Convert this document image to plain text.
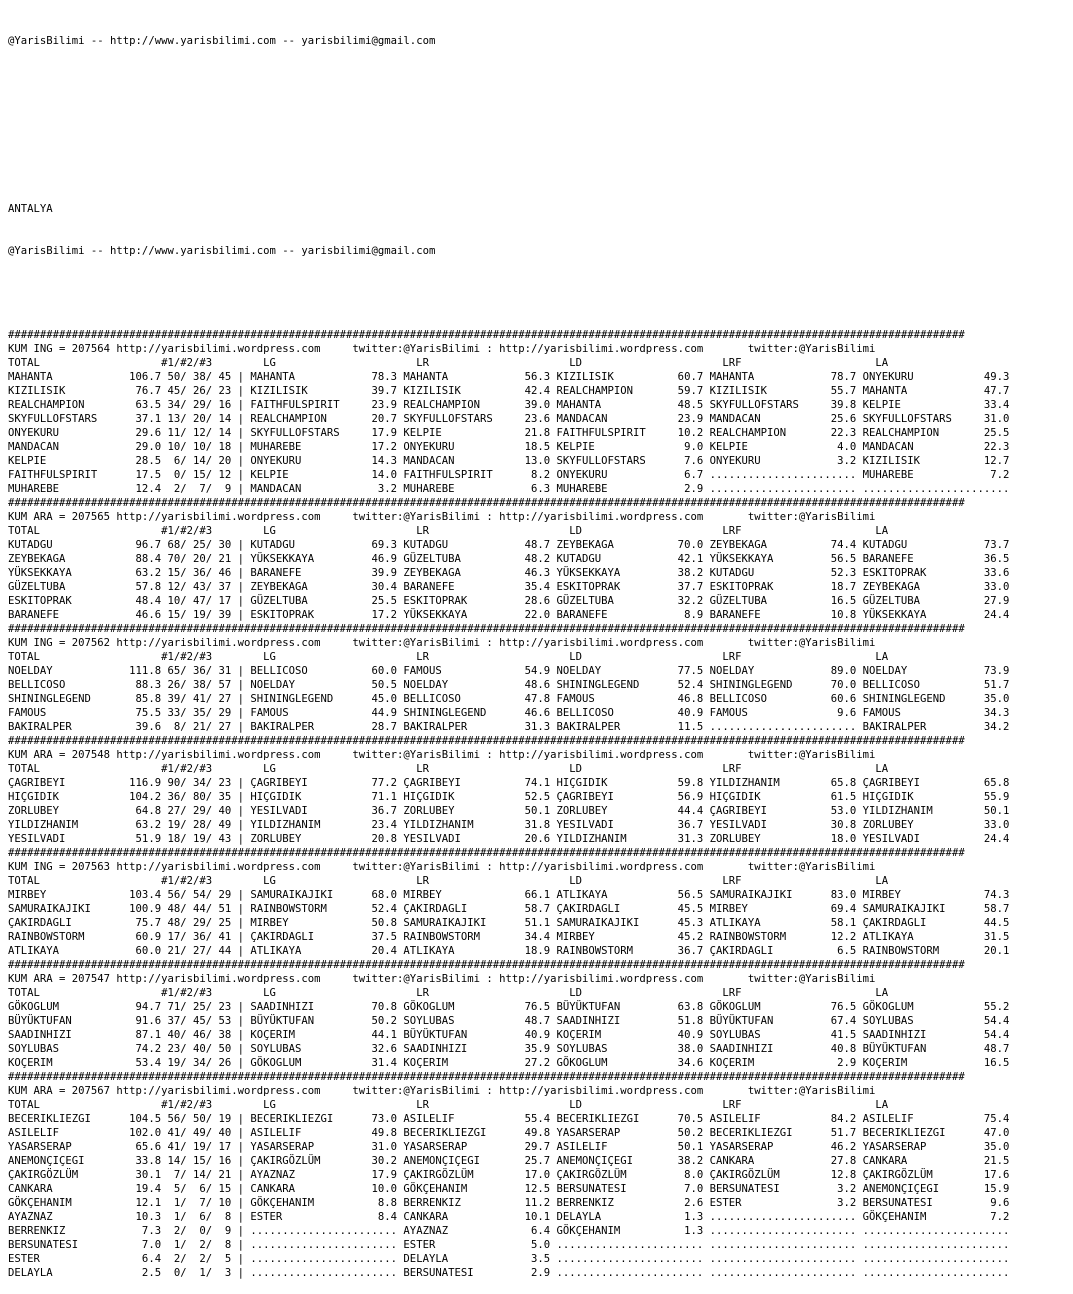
@YarisBilimi -- http://www.yarisbilimi.com -- yarisbilimi@gmail.com

ANTALYA

@YarisBilimi -- http://www.yarisbilimi.com -- yarisbilimi@gmail.com

######################################################################################################################################################
KUM ING = 207564 http://yarisbilimi.wordpress.com     twitter:@YarisBilimi : http://yarisbilimi.wordpress.com       twitter:@YarisBilimi
TOTAL                   #1/#2/#3        LG                      LR                      LD                      LRF                     LA
MAHANTA            106.7 50/ 38/ 45 | MAHANTA            78.3 MAHANTA            56.3 KIZILISIK          60.7 MAHANTA            78.7 ONYEKURU           49.3
KIZILISIK           76.7 45/ 26/ 23 | KIZILISIK          39.7 KIZILISIK          42.4 REALCHAMPION       59.7 KIZILISIK          55.7 MAHANTA            47.7
REALCHAMPION        63.5 34/ 29/ 16 | FAITHFULSPIRIT     23.9 REALCHAMPION       39.0 MAHANTA            48.5 SKYFULLOFSTARS     39.8 KELPIE             33.4
SKYFULLOFSTARS      37.1 13/ 20/ 14 | REALCHAMPION       20.7 SKYFULLOFSTARS     23.6 MANDACAN           23.9 MANDACAN           25.6 SKYFULLOFSTARS     31.0
ONYEKURU            29.6 11/ 12/ 14 | SKYFULLOFSTARS     17.9 KELPIE             21.8 FAITHFULSPIRIT     10.2 REALCHAMPION       22.3 REALCHAMPION       25.5
MANDACAN            29.0 10/ 10/ 18 | MUHAREBE           17.2 ONYEKURU           18.5 KELPIE              9.0 KELPIE              4.0 MANDACAN           22.3
KELPIE              28.5  6/ 14/ 20 | ONYEKURU           14.3 MANDACAN           13.0 SKYFULLOFSTARS      7.6 ONYEKURU            3.2 KIZILISIK          12.7
FAITHFULSPIRIT      17.5  0/ 15/ 12 | KELPIE             14.0 FAITHFULSPIRIT      8.2 ONYEKURU            6.7 ....................... MUHAREBE            7.2
MUHAREBE            12.4  2/  7/  9 | MANDACAN            3.2 MUHAREBE            6.3 MUHAREBE            2.9 ....................... .......................
######################################################################################################################################################
KUM ARA = 207565 http://yarisbilimi.wordpress.com     twitter:@YarisBilimi : http://yarisbilimi.wordpress.com       twitter:@YarisBilimi
TOTAL                   #1/#2/#3        LG                      LR                      LD                      LRF                     LA
KUTADGU             96.7 68/ 25/ 30 | KUTADGU            69.3 KUTADGU            48.7 ZEYBEKAGA          70.0 ZEYBEKAGA          74.4 KUTADGU            73.7
ZEYBEKAGA           88.4 70/ 20/ 21 | YÜKSEKKAYA         46.9 GÜZELTUBA          48.2 KUTADGU            42.1 YÜKSEKKAYA         56.5 BARANEFE           36.5
YÜKSEKKAYA          63.2 15/ 36/ 46 | BARANEFE           39.9 ZEYBEKAGA          46.3 YÜKSEKKAYA         38.2 KUTADGU            52.3 ESKITOPRAK         33.6
GÜZELTUBA           57.8 12/ 43/ 37 | ZEYBEKAGA          30.4 BARANEFE           35.4 ESKITOPRAK         37.7 ESKITOPRAK         18.7 ZEYBEKAGA          33.0
ESKITOPRAK          48.4 10/ 47/ 17 | GÜZELTUBA          25.5 ESKITOPRAK         28.6 GÜZELTUBA          32.2 GÜZELTUBA          16.5 GÜZELTUBA          27.9
BARANEFE            46.6 15/ 19/ 39 | ESKITOPRAK         17.2 YÜKSEKKAYA         22.0 BARANEFE            8.9 BARANEFE           10.8 YÜKSEKKAYA         24.4
######################################################################################################################################################
KUM ING = 207562 http://yarisbilimi.wordpress.com     twitter:@YarisBilimi : http://yarisbilimi.wordpress.com       twitter:@YarisBilimi
TOTAL                   #1/#2/#3        LG                      LR                      LD                      LRF                     LA
NOELDAY            111.8 65/ 36/ 31 | BELLICOSO          60.0 FAMOUS             54.9 NOELDAY            77.5 NOELDAY            89.0 NOELDAY            73.9
BELLICOSO           88.3 26/ 38/ 57 | NOELDAY            50.5 NOELDAY            48.6 SHININGLEGEND      52.4 SHININGLEGEND      70.0 BELLICOSO          51.7
SHININGLEGEND       85.8 39/ 41/ 27 | SHININGLEGEND      45.0 BELLICOSO          47.8 FAMOUS             46.8 BELLICOSO          60.6 SHININGLEGEND      35.0
FAMOUS              75.5 33/ 35/ 29 | FAMOUS             44.9 SHININGLEGEND      46.6 BELLICOSO          40.9 FAMOUS              9.6 FAMOUS             34.3
BAKIRALPER          39.6  8/ 21/ 27 | BAKIRALPER         28.7 BAKIRALPER         31.3 BAKIRALPER         11.5 ....................... BAKIRALPER         34.2
######################################################################################################################################################
KUM ARA = 207548 http://yarisbilimi.wordpress.com     twitter:@YarisBilimi : http://yarisbilimi.wordpress.com       twitter:@YarisBilimi
TOTAL                   #1/#2/#3        LG                      LR                      LD                      LRF                     LA
ÇAGRIBEYI          116.9 90/ 34/ 23 | ÇAGRIBEYI          77.2 ÇAGRIBEYI          74.1 HIÇGIDIK           59.8 YILDIZHANIM        65.8 ÇAGRIBEYI          65.8
HIÇGIDIK           104.2 36/ 80/ 35 | HIÇGIDIK           71.1 HIÇGIDIK           52.5 ÇAGRIBEYI          56.9 HIÇGIDIK           61.5 HIÇGIDIK           55.9
ZORLUBEY            64.8 27/ 29/ 40 | YESILVADI          36.7 ZORLUBEY           50.1 ZORLUBEY           44.4 ÇAGRIBEYI          53.0 YILDIZHANIM        50.1
YILDIZHANIM         63.2 19/ 28/ 49 | YILDIZHANIM        23.4 YILDIZHANIM        31.8 YESILVADI          36.7 YESILVADI          30.8 ZORLUBEY           33.0
YESILVADI           51.9 18/ 19/ 43 | ZORLUBEY           20.8 YESILVADI          20.6 YILDIZHANIM        31.3 ZORLUBEY           18.0 YESILVADI          24.4
######################################################################################################################################################
KUM ING = 207563 http://yarisbilimi.wordpress.com     twitter:@YarisBilimi : http://yarisbilimi.wordpress.com       twitter:@YarisBilimi
TOTAL                   #1/#2/#3        LG                      LR                      LD                      LRF                     LA
MIRBEY             103.4 56/ 54/ 29 | SAMURAIKAJIKI      68.0 MIRBEY             66.1 ATLIKAYA           56.5 SAMURAIKAJIKI      83.0 MIRBEY             74.3
SAMURAIKAJIKI      100.9 48/ 44/ 51 | RAINBOWSTORM       52.4 ÇAKIRDAGLI         58.7 ÇAKIRDAGLI         45.5 MIRBEY             69.4 SAMURAIKAJIKI      58.7
ÇAKIRDAGLI          75.7 48/ 29/ 25 | MIRBEY             50.8 SAMURAIKAJIKI      51.1 SAMURAIKAJIKI      45.3 ATLIKAYA           58.1 ÇAKIRDAGLI         44.5
RAINBOWSTORM        60.9 17/ 36/ 41 | ÇAKIRDAGLI         37.5 RAINBOWSTORM       34.4 MIRBEY             45.2 RAINBOWSTORM       12.2 ATLIKAYA           31.5
ATLIKAYA            60.0 21/ 27/ 44 | ATLIKAYA           20.4 ATLIKAYA           18.9 RAINBOWSTORM       36.7 ÇAKIRDAGLI          6.5 RAINBOWSTORM       20.1
######################################################################################################################################################
KUM ARA = 207547 http://yarisbilimi.wordpress.com     twitter:@YarisBilimi : http://yarisbilimi.wordpress.com       twitter:@YarisBilimi
TOTAL                   #1/#2/#3        LG                      LR                      LD                      LRF                     LA
GÖKOGLUM            94.7 71/ 25/ 23 | SAADINHIZI         70.8 GÖKOGLUM           76.5 BÜYÜKTUFAN         63.8 GÖKOGLUM           76.5 GÖKOGLUM           55.2
BÜYÜKTUFAN          91.6 37/ 45/ 53 | BÜYÜKTUFAN         50.2 SOYLUBAS           48.7 SAADINHIZI         51.8 BÜYÜKTUFAN         67.4 SOYLUBAS           54.4
SAADINHIZI          87.1 40/ 46/ 38 | KOÇERIM            44.1 BÜYÜKTUFAN         40.9 KOÇERIM            40.9 SOYLUBAS           41.5 SAADINHIZI         54.4
SOYLUBAS            74.2 23/ 40/ 50 | SOYLUBAS           32.6 SAADINHIZI         35.9 SOYLUBAS           38.0 SAADINHIZI         40.8 BÜYÜKTUFAN         48.7
KOÇERIM             53.4 19/ 34/ 26 | GÖKOGLUM           31.4 KOÇERIM            27.2 GÖKOGLUM           34.6 KOÇERIM             2.9 KOÇERIM            16.5
######################################################################################################################################################
KUM ARA = 207567 http://yarisbilimi.wordpress.com     twitter:@YarisBilimi : http://yarisbilimi.wordpress.com       twitter:@YarisBilimi
TOTAL                   #1/#2/#3        LG                      LR                      LD                      LRF                     LA
BECERIKLIEZGI      104.5 56/ 50/ 19 | BECERIKLIEZGI      73.0 ASILELIF           55.4 BECERIKLIEZGI      70.5 ASILELIF           84.2 ASILELIF           75.4
ASILELIF           102.0 41/ 49/ 40 | ASILELIF           49.8 BECERIKLIEZGI      49.8 YASARSERAP         50.2 BECERIKLIEZGI      51.7 BECERIKLIEZGI      47.0
YASARSERAP          65.6 41/ 19/ 17 | YASARSERAP         31.0 YASARSERAP         29.7 ASILELIF           50.1 YASARSERAP         46.2 YASARSERAP         35.0
ANEMONÇIÇEGI        33.8 14/ 15/ 16 | ÇAKIRGÖZLÜM        30.2 ANEMONÇIÇEGI       25.7 ANEMONÇIÇEGI       38.2 CANKARA            27.8 CANKARA            21.5
ÇAKIRGÖZLÜM         30.1  7/ 14/ 21 | AYAZNAZ            17.9 ÇAKIRGÖZLÜM        17.0 ÇAKIRGÖZLÜM         8.0 ÇAKIRGÖZLÜM        12.8 ÇAKIRGÖZLÜM        17.6
CANKARA             19.4  5/  6/ 15 | CANKARA            10.0 GÖKÇEHANIM         12.5 BERSUNATESI         7.0 BERSUNATESI         3.2 ANEMONÇIÇEGI       15.9
GÖKÇEHANIM          12.1  1/  7/ 10 | GÖKÇEHANIM          8.8 BERRENKIZ          11.2 BERRENKIZ           2.6 ESTER               3.2 BERSUNATESI         9.6
AYAZNAZ             10.3  1/  6/  8 | ESTER               8.4 CANKARA            10.1 DELAYLA             1.3 ....................... GÖKÇEHANIM          7.2
BERRENKIZ            7.3  2/  0/  9 | ....................... AYAZNAZ             6.4 GÖKÇEHANIM          1.3 ....................... .......................
BERSUNATESI          7.0  1/  2/  8 | ....................... ESTER               5.0 ....................... ....................... .......................
ESTER                6.4  2/  2/  5 | ....................... DELAYLA             3.5 ....................... ....................... .......................
DELAYLA              2.5  0/  1/  3 | ....................... BERSUNATESI         2.9 ....................... ....................... .......................
